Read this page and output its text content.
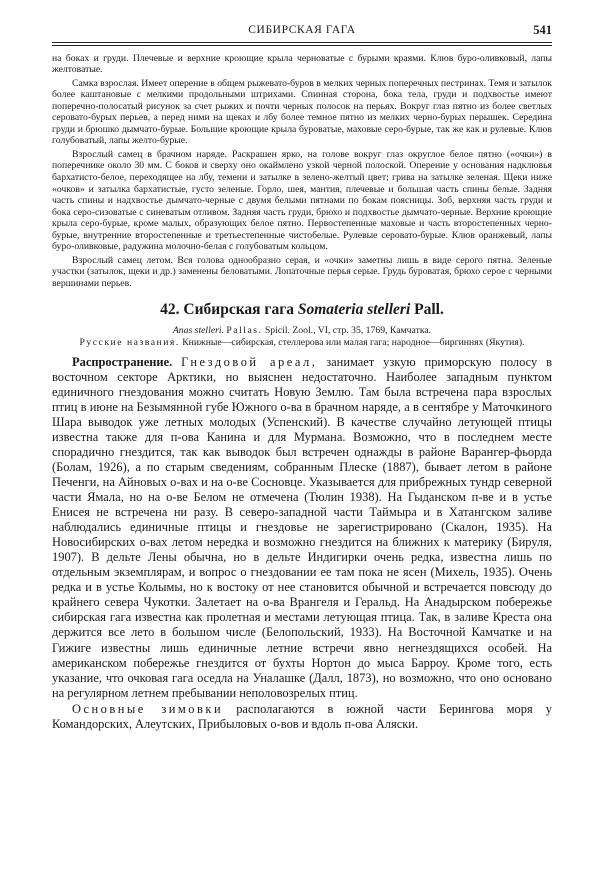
СИБИРСКАЯ ГАГА	541

на боках и груди. Плечевые и верхние кроющие крыла черноватые с бурыми краями. Клюв буро-оливковый, лапы желтоватые.

Самка взрослая. Имеет оперение в общем рыжевато-буров в мелких черных поперечных пестринах. Темя и затылок более каштановые с мелкими продольными штрихами. Спинная сторона, бока тела, груди и подхвостье имеют поперечно-полосатый рисунок за счет рыжих и почти черных полосок на перьях. Вокруг глаз пятно из более светлых серовато-бурых перьев, а перед ними на щеках и лбу более темное пятно из мелких черно-бурых перышек. Середина груди и брюшко дымчато-бурые. Большие кроющие крыла буроватые, маховые серо-бурые, так же как и рулевые. Клюв голубоватый, лапы желто-бурые.

Взрослый самец в брачном наряде. Раскрашен ярко, на голове вокруг глаз округлое белое пятно («очки») в поперечнике около 30 мм. С боков и сверху оно окаймлено узкой черной полоской. Оперение у основания надклювья бархатисто-белое, переходящее на лбу, темени и затылке в зелено-желтый цвет; грива на затылке зеленая. Щеки ниже «очков» и затылка бархатистые, густо зеленые. Горло, шея, мантия, плечевые и большая часть спины белые. Задняя часть спины и надхвостье дымчато-черные с двумя белыми пятнами по бокам поясницы. Зоб, верхняя часть груди и бока серо-сизоватые с синеватым отливом. Задняя часть груди, брюхо и подхвостье дымчато-черные. Верхние кроющие крыла серо-бурые, кроме малых, образующих белое пятно. Первостепенные маховые и часть второстепенных черно-бурые, внутренние второстепенные и третьестепенные чистобелые. Рулевые серовато-бурые. Клюв оранжевый, лапы буро-оливковые, радужина молочно-белая с голубоватым кольцом.

Взрослый самец летом. Вся голова однообразно серая, и «очки» заметны лишь в виде серого пятна. Зеленые участки (затылок, щеки и др.) заменены беловатыми. Лопаточные перья серые. Грудь буроватая, брюхо серое с черными вершинами перьев.

42. Сибирская гага Somateria stelleri Pall.
Anas stelleri. Pallas. Spicil. Zool., VI, стр. 35, 1769, Камчатка.
Русские названия. Книжные—сибирская, стеллерова или малая гага; народное—биргиннях (Якутия).

Распространение. Гнездовой ареал, занимает узкую приморскую полосу в восточном секторе Арктики, но выяснен недостаточно. Наиболее западным пунктом единичного гнездования можно считать Новую Землю. Там была встречена пара взрослых птиц в июне на Безымянной губе Южного о-ва в брачном наряде, а в сентябре у Маточкиного Шара выводок уже летных молодых (Успенский). В качестве случайно летующей птицы известна также для п-ова Канина и для Мурмана. Возможно, что в последнем месте спорадично гнездится, так как выводок был встречен однажды в районе Варангер-фьорда (Болам, 1926), а по старым сведениям, собранным Плеске (1887), бывает летом в районе Печенги, на Айновых о-вах и на о-ве Сосновце. Указывается для прибрежных тундр северной части Ямала, но на о-ве Белом не отмечена (Тюлин 1938). На Гыданском п-ве и в устье Енисея не встречена ни разу. В северо-западной части Таймыра и в Хатангском заливе наблюдались единичные птицы и гнездовье не зарегистрировано (Скалон, 1935). На Новосибирских о-вах летом нередка и возможно гнездится на ближних к материку (Бируля, 1907). В дельте Лены обычна, но в дельте Индигирки очень редка, известна лишь по отдельным экземплярам, и вопрос о гнездовании ее там пока не ясен (Михель, 1935). Очень редка и в устье Колымы, но к востоку от нее становится обычной и встречается повсюду до крайнего севера Чукотки. Залетает на о-ва Врангеля и Геральд. На Анадырском побережье сибирская гага известна как пролетная и местами летующая птица. Так, в заливе Креста она держится все лето в большом числе (Белопольский, 1933). На Восточной Камчатке и на Гижиге известны лишь единичные летние встречи явно негнездящихся особей. На американском побережье гнездится от бухты Нортон до мыса Барроу. Кроме того, есть указание, что очковая гага оседла на Уналашке (Далл, 1873), но возможно, что оно основано на регулярном летнем пребывании неполовозрелых птиц.

Основные зимовки располагаются в южной части Берингова моря у Командорских, Алеутских, Прибыловых о-вов и вдоль п-ова Аляски.
